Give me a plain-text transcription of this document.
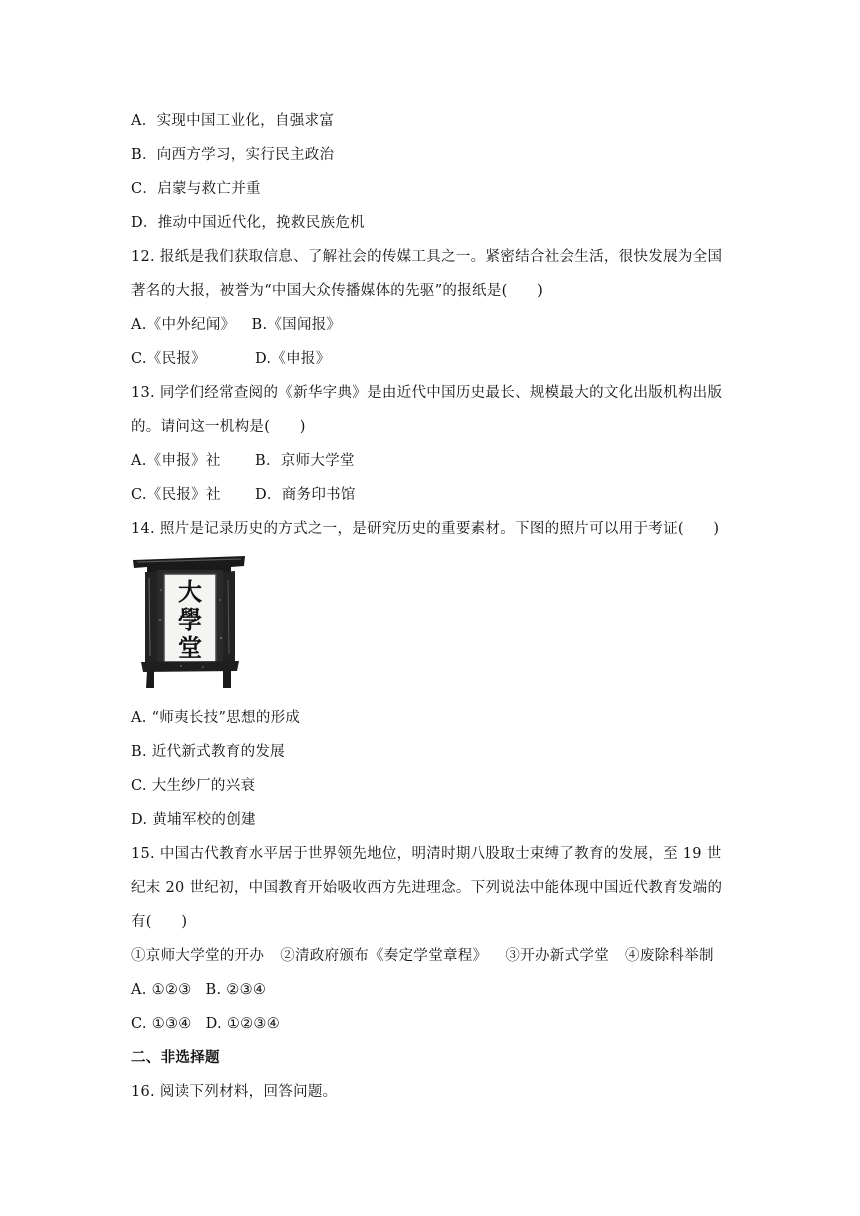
A．实现中国工业化，自强求富
B．向西方学习，实行民主政治
C．启蒙与救亡并重
D．推动中国近代化，挽救民族危机
12. 报纸是我们获取信息、了解社会的传媒工具之一。紧密结合社会生活，很快发展为全国
著名的大报，被誉为“中国大众传播媒体的先驱”的报纸是(　　)
A.《中外纪闻》 B.《国闻报》
C.《民报》	D.《申报》
13. 同学们经常查阅的《新华字典》是由近代中国历史最长、规模最大的文化出版机构出版
的。请问这一机构是(　　)
A.《申报》社 B．京师大学堂
C.《民报》社 D．商务印书馆
14. 照片是记录历史的方式之一，是研究历史的重要素材。下图的照片可以用于考证(　　)
大
學
堂
A. “师夷长技”思想的形成
B. 近代新式教育的发展
C. 大生纱厂的兴衰
D. 黄埔军校的创建
15. 中国古代教育水平居于世界领先地位，明清时期八股取士束缚了教育的发展，至 19 世
纪末 20 世纪初，中国教育开始吸收西方先进理念。下列说法中能体现中国近代教育发端的
有(　　)
①京师大学堂的开办 ②清政府颁布《奏定学堂章程》 ③开办新式学堂 ④废除科举制
A. ①②③ B. ②③④
C. ①③④ D. ①②③④
二、非选择题
16. 阅读下列材料，回答问题。
